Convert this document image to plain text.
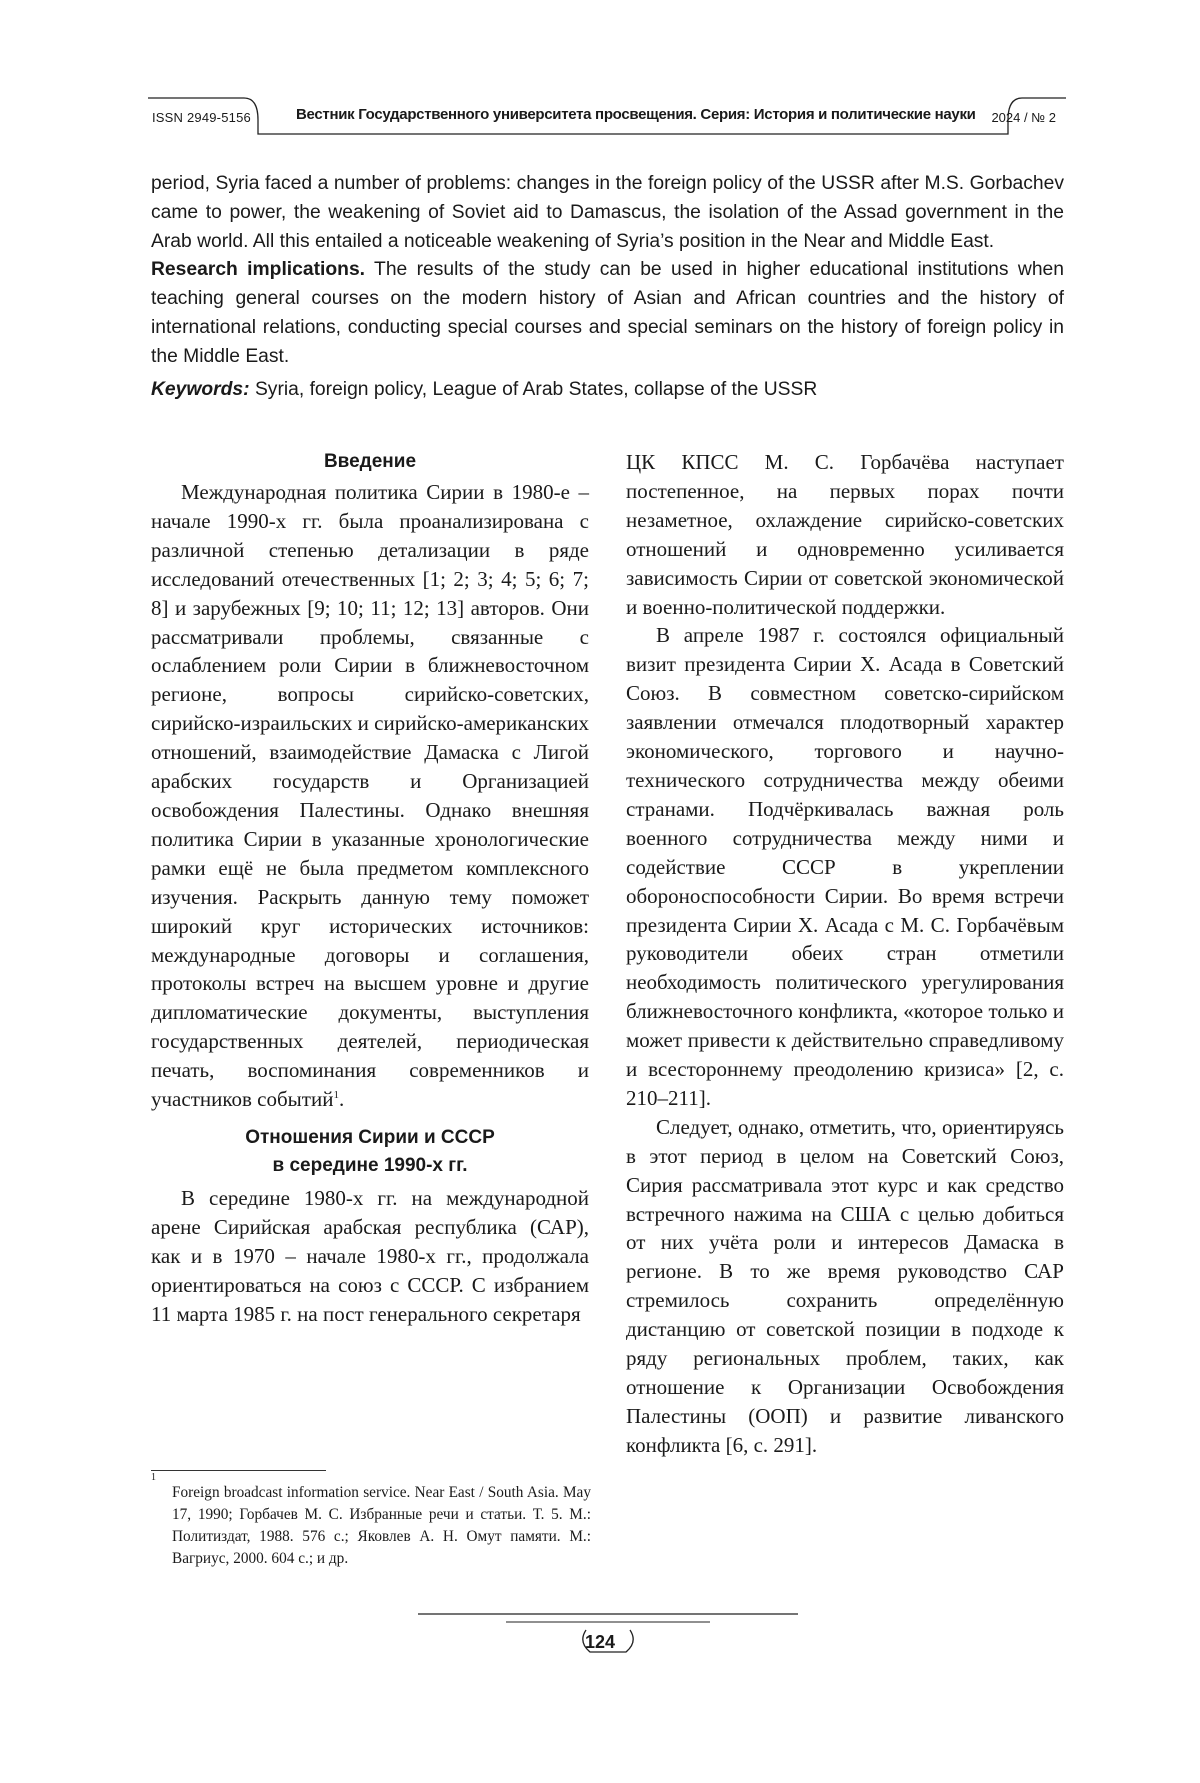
ISSN 2949-5156	Вестник Государственного университета просвещения. Серия: История и политические науки 2024 / № 2

period, Syria faced a number of problems: changes in the foreign policy of the USSR after M.S. Gorbachev came to power, the weakening of Soviet aid to Damascus, the isolation of the Assad government in the Arab world. All this entailed a noticeable weakening of Syria’s position in the Near and Middle East.

Research implications. The results of the study can be used in higher educational institutions when teaching general courses on the modern history of Asian and African countries and the history of international relations, conducting special courses and special seminars on the history of foreign policy in the Middle East.

Keywords: Syria, foreign policy, League of Arab States, collapse of the USSR

Введение

Международная политика Сирии в 1980-е – начале 1990-х гг. была проанализирована с различной степенью детализации в ряде исследований отечественных [1; 2; 3; 4; 5; 6; 7; 8] и зарубежных [9; 10; 11; 12; 13] авторов. Они рассматривали проблемы, связанные с ослаблением роли Сирии в ближневосточном регионе, вопросы сирийско-советских, сирийско-израильских и сирийско-американских отношений, взаимодействие Дамаска с Лигой арабских государств и Организацией освобождения Палестины. Однако внешняя политика Сирии в указанные хронологические рамки ещё не была предметом комплексного изучения. Раскрыть данную тему поможет широкий круг исторических источников: международные договоры и соглашения, протоколы встреч на высшем уровне и другие дипломатические документы, выступления государственных деятелей, периодическая печать, воспоминания современников и участников событий$^1$.

Отношения Сирии и СССР
в середине 1990-х гг.

В середине 1980-х гг. на международной арене Сирийская арабская республика (САР), как и в 1970 – начале 1980-х гг., продолжала ориентироваться на союз с СССР. С избранием 11 марта 1985 г. на пост генерального секретаря

ЦК КПСС М. С. Горбачёва наступает постепенное, на первых порах почти незаметное, охлаждение сирийско-советских отношений и одновременно усиливается зависимость Сирии от советской экономической и военно-политической поддержки.

В апреле 1987 г. состоялся официальный визит президента Сирии Х. Асада в Советский Союз. В совместном советско-сирийском заявлении отмечался плодотворный характер экономического, торгового и научно-технического сотрудничества между обеими странами. Подчёркивалась важная роль военного сотрудничества между ними и содействие СССР в укреплении обороноспособности Сирии. Во время встречи президента Сирии Х. Асада с М. С. Горбачёвым руководители обеих стран отметили необходимость политического урегулирования ближневосточного конфликта, «которое только и может привести к действительно справедливому и всестороннему преодолению кризиса» [2, с. 210–211].

Следует, однако, отметить, что, ориентируясь в этот период в целом на Советский Союз, Сирия рассматривала этот курс и как средство встречного нажима на США с целью добиться от них учёта роли и интересов Дамаска в регионе. В то же время руководство САР стремилось сохранить определённую дистанцию от советской позиции в подходе к ряду региональных проблем, таких, как отношение к Организации Освобождения Палестины (ООП) и развитие ливанского конфликта [6, с. 291].

1
Foreign broadcast information service. Near East / South Asia. May 17, 1990; Горбачев М. С. Избранные речи и статьи. Т. 5. М.: Политиздат, 1988. 576 с.; Яковлев А. Н. Омут памяти. М.: Вагриус, 2000. 604 с.; и др.
124
